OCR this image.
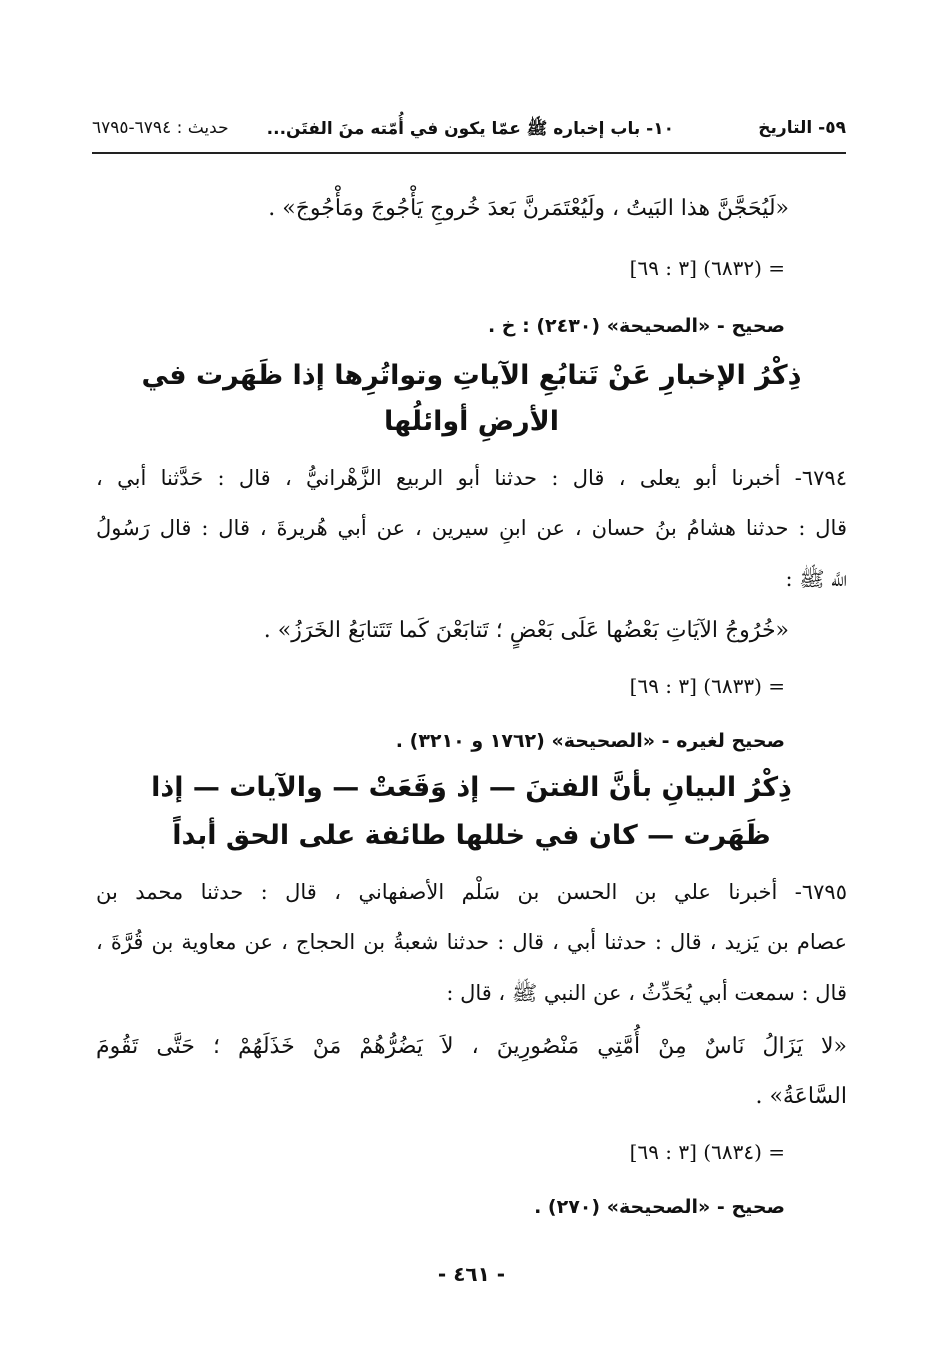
٥٩- التاريخ
١٠- باب إخباره ﷺ عمّا يكون في أُمّته منَ الفتَن...
حديث : ٦٧٩٤-٦٧٩٥
«لَيُحَجَّنَّ هذا البَيتُ ، ولَيُعْتَمَرنَّ بَعدَ خُروجِ يَأْجُوجَ ومَأْجُوجَ» .
= (٦٨٣٢) [٣ : ٦٩]
صحيح - «الصحيحة» (٢٤٣٠) : خ .
ذِكْرُ الإخبارِ عَنْ تَتابُعِ الآياتِ وتواتُرِها إذا ظَهَرت في
الأرضِ أوائلُها
٦٧٩٤- أخبرنا أبو يعلى ، قال : حدثنا أبو الربيع الزَّهْرانيُّ ، قال : حَدَّثنا أبي ،
قال : حدثنا هشامُ بنُ حسان ، عن ابنِ سيرين ، عن أبي هُريرةَ ، قال : قال رَسُولُ
اللَّه ﷺ :
«خُرُوجُ الآيَاتِ بَعْضُها عَلَى بَعْضٍ ؛ تَتابَعْنَ كَما تَتَتابَعُ الخَرَزُ» .
= (٦٨٣٣) [٣ : ٦٩]
صحيح لغيره - «الصحيحة» (١٧٦٢ و ٣٢١٠) .
ذِكْرُ البيانِ بأنَّ الفتنَ — إذ وَقَعَتْ — والآيات — إذا
ظَهَرت — كان في خللها طائفة على الحق أبداً
٦٧٩٥- أخبرنا علي بن الحسن بن سَلْم الأصفهاني ، قال : حدثنا محمد بن
عصام بن يَزيد ، قال : حدثنا أبي ، قال : حدثنا شعبةُ بن الحجاج ، عن معاوية بن قُرَّةَ ،
قال : سمعت أبي يُحَدِّثُ ، عن النبي ﷺ ، قال :
«لا يَزَالُ نَاسٌ مِنْ أُمَّتِي مَنْصُورِينَ ، لاَ يَضُرُّهُمْ مَنْ خَذَلَهُمْ ؛ حَتَّى تَقُومَ
السَّاعَةُ» .
= (٦٨٣٤) [٣ : ٦٩]
صحيح - «الصحيحة» (٢٧٠) .
- ٤٦١ -
